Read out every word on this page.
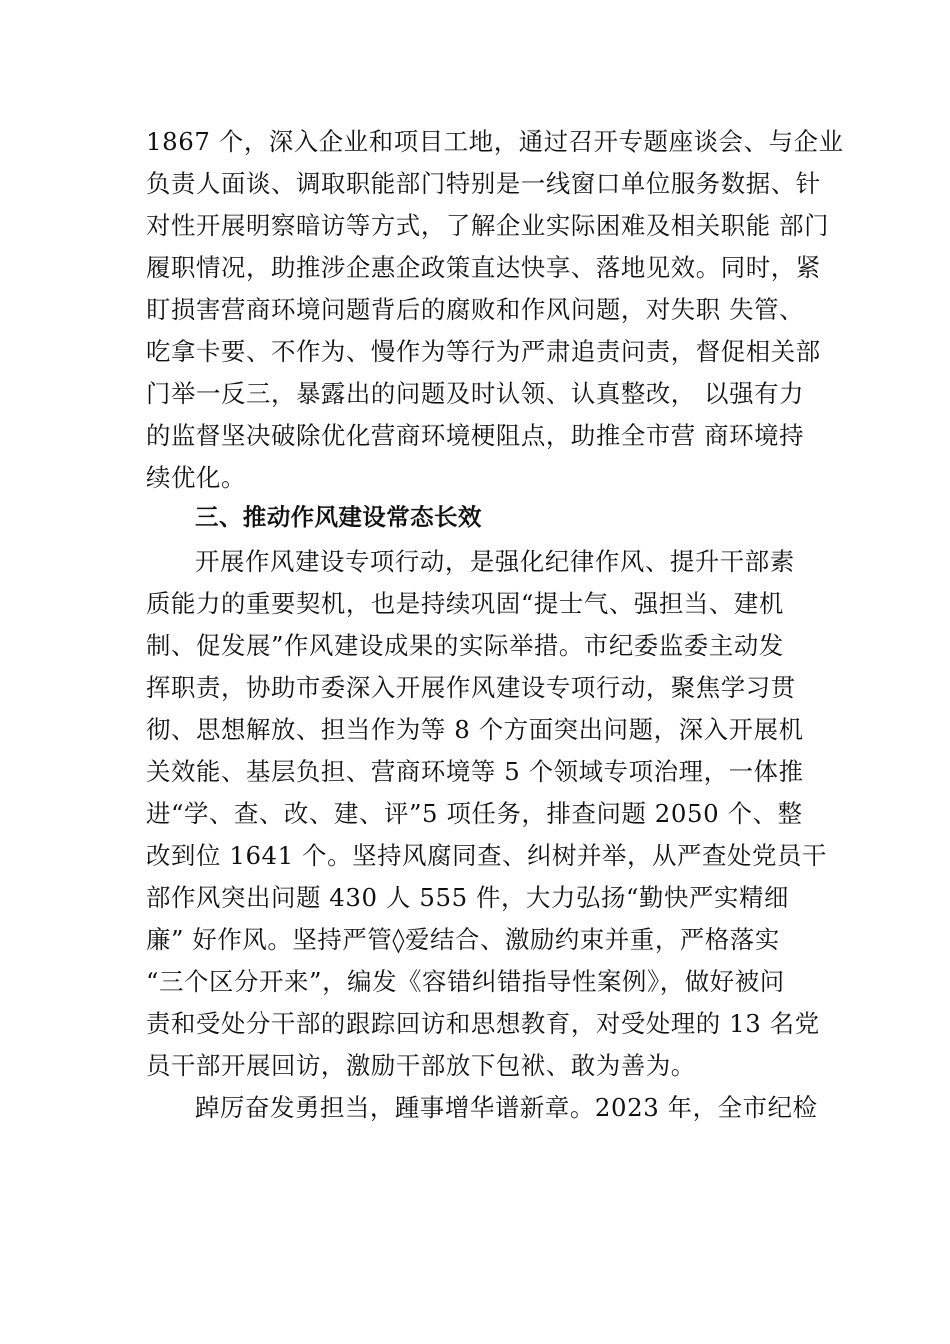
1867 个，深入企业和项目工地，通过召开专题座谈会、与企业
负责人面谈、调取职能部门特别是一线窗口单位服务数据、针
对性开展明察暗访等方式，了解企业实际困难及相关职能 部门
履职情况，助推涉企惠企政策直达快享、落地见效。同时，紧
盯损害营商环境问题背后的腐败和作风问题，对失职 失管、
吃拿卡要、不作为、慢作为等行为严肃追责问责，督促相关部
门举一反三，暴露出的问题及时认领、认真整改， 以强有力
的监督坚决破除优化营商环境梗阻点，助推全市营 商环境持
续优化。
三、推动作风建设常态长效
开展作风建设专项行动，是强化纪律作风、提升干部素
质能力的重要契机，也是持续巩固“提士气、强担当、建机
制、促发展”作风建设成果的实际举措。市纪委监委主动发
挥职责，协助市委深入开展作风建设专项行动，聚焦学习贯
彻、思想解放、担当作为等 8 个方面突出问题，深入开展机
关效能、基层负担、营商环境等 5 个领域专项治理，一体推
进“学、查、改、建、评”5 项任务，排查问题 2050 个、整
改到位 1641 个。坚持风腐同查、纠树并举，从严查处党员干
部作风突出问题 430 人 555 件，大力弘扬“勤快严实精细
廉” 好作风。坚持严管◊爱结合、激励约束并重，严格落实
“三个区分开来”，编发《容错纠错指导性案例》，做好被问
责和受处分干部的跟踪回访和思想教育，对受处理的 13 名党
员干部开展回访，激励干部放下包袱、敢为善为。
踔厉奋发勇担当，踵事增华谱新章。2023 年，全市纪检
